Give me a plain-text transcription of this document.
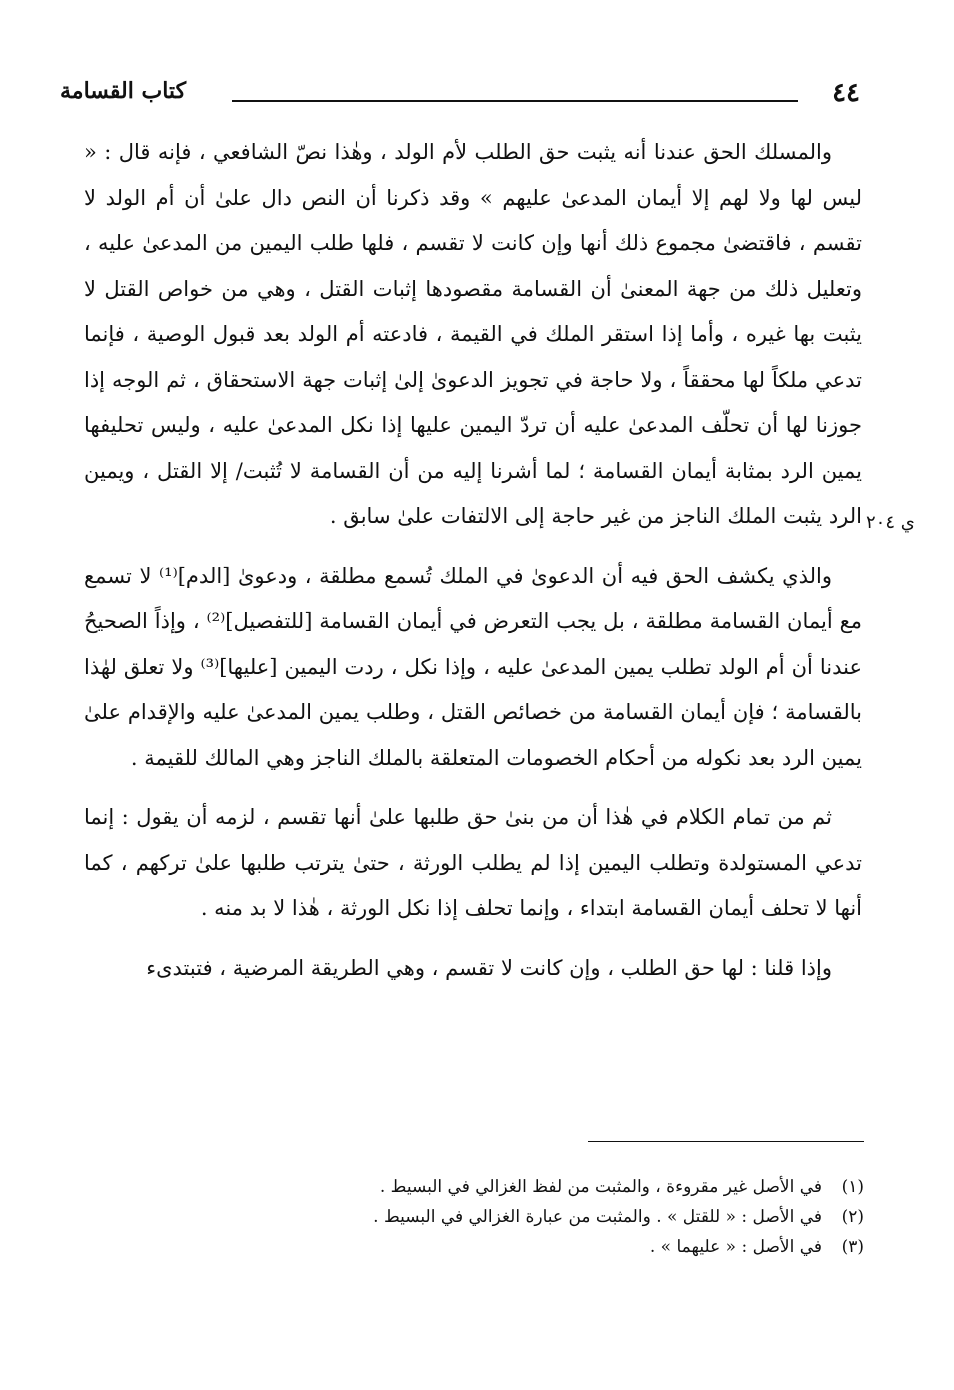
٤٤
كتاب القسامة
ي ٢٠٤

والمسلك الحق عندنا أنه يثبت حق الطلب لأم الولد ، وهٰذا نصّ الشافعي ، فإنه قال : « ليس لها ولا لهم إلا أيمان المدعىٰ عليهم » وقد ذكرنا أن النص دال علىٰ أن أم الولد لا تقسم ، فاقتضىٰ مجموع ذلك أنها وإن كانت لا تقسم ، فلها طلب اليمين من المدعىٰ عليه ، وتعليل ذلك من جهة المعنىٰ أن القسامة مقصودها إثبات القتل ، وهي من خواص القتل لا يثبت بها غيره ، وأما إذا استقر الملك في القيمة ، فادعته أم الولد بعد قبول الوصية ، فإنما تدعي ملكاً لها محققاً ، ولا حاجة في تجويز الدعوىٰ إلىٰ إثبات جهة الاستحقاق ، ثم الوجه إذا جوزنا لها أن تحلّف المدعىٰ عليه أن تردّ اليمين عليها إذا نكل المدعىٰ عليه ، وليس تحليفها يمين الرد بمثابة أيمان القسامة ؛ لما أشرنا إليه من أن القسامة لا تُثبت/ إلا القتل ، ويمين الرد يثبت الملك الناجز من غير حاجة إلى الالتفات علىٰ سابق .

والذي يكشف الحق فيه أن الدعوىٰ في الملك تُسمع مطلقة ، ودعوىٰ [الدم]⁽¹⁾ لا تسمع مع أيمان القسامة مطلقة ، بل يجب التعرض في أيمان القسامة [للتفصيل]⁽²⁾ ، وإذاً الصحيحُ عندنا أن أم الولد تطلب يمين المدعىٰ عليه ، وإذا نكل ، ردت اليمين [عليها]⁽³⁾ ولا تعلق لهٰذا بالقسامة ؛ فإن أيمان القسامة من خصائص القتل ، وطلب يمين المدعىٰ عليه والإقدام علىٰ يمين الرد بعد نكوله من أحكام الخصومات المتعلقة بالملك الناجز وهي المالك للقيمة .

ثم من تمام الكلام في هٰذا أن من بنىٰ حق طلبها علىٰ أنها تقسم ، لزمه أن يقول : إنما تدعي المستولدة وتطلب اليمين إذا لم يطلب الورثة ، حتىٰ يترتب طلبها علىٰ تركهم ، كما أنها لا تحلف أيمان القسامة ابتداء ، وإنما تحلف إذا نكل الورثة ، هٰذا لا بد منه .

وإذا قلنا : لها حق الطلب ، وإن كانت لا تقسم ، وهي الطريقة المرضية ، فتبتدىء

(١)
في الأصل غير مقروءة ، والمثبت من لفظ الغزالي في البسيط .
(٢)
في الأصل : « للقتل » . والمثبت من عبارة الغزالي في البسيط .
(٣)
في الأصل : « عليهما » .
